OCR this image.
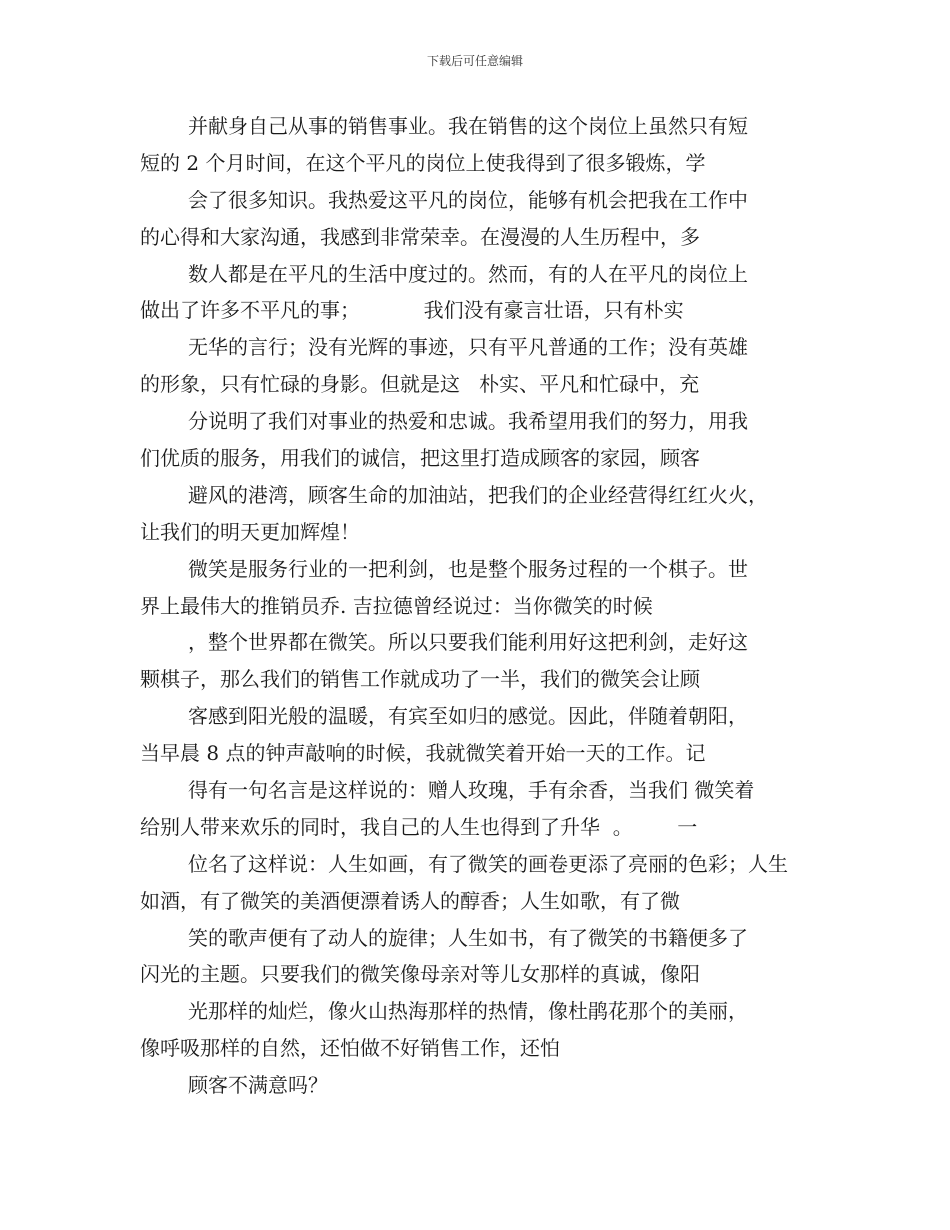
下载后可任意编辑
并献身自己从事的销售事业。我在销售的这个岗位上虽然只有短
短的 2 个月时间，在这个平凡的岗位上使我得到了很多锻炼，学
会了很多知识。我热爱这平凡的岗位，能够有机会把我在工作中
的心得和大家沟通，我感到非常荣幸。在漫漫的人生历程中，多
数人都是在平凡的生活中度过的。然而，有的人在平凡的岗位上
做出了许多不平凡的事；          我们没有豪言壮语，只有朴实
无华的言行；没有光辉的事迹，只有平凡普通的工作；没有英雄
的形象，只有忙碌的身影。但就是这   朴实、平凡和忙碌中，充
分说明了我们对事业的热爱和忠诚。我希望用我们的努力，用我
们优质的服务，用我们的诚信，把这里打造成顾客的家园，顾客
避风的港湾，顾客生命的加油站，把我们的企业经营得红红火火，
让我们的明天更加辉煌！
微笑是服务行业的一把利剑，也是整个服务过程的一个棋子。世
界上最伟大的推销员乔. 吉拉德曾经说过：当你微笑的时候
，整个世界都在微笑。所以只要我们能利用好这把利剑，走好这
颗棋子，那么我们的销售工作就成功了一半，我们的微笑会让顾
客感到阳光般的温暖，有宾至如归的感觉。因此，伴随着朝阳，
当早晨 8 点的钟声敲响的时候，我就微笑着开始一天的工作。记
得有一句名言是这样说的：赠人玫瑰，手有余香，当我们 微笑着
给别人带来欢乐的同时，我自己的人生也得到了升华  。       一
位名了这样说：人生如画，有了微笑的画卷更添了亮丽的色彩；人生
如酒，有了微笑的美酒便漂着诱人的醇香；人生如歌，有了微
笑的歌声便有了动人的旋律；人生如书，有了微笑的书籍便多了
闪光的主题。只要我们的微笑像母亲对等儿女那样的真诚，像阳
光那样的灿烂，像火山热海那样的热情，像杜鹃花那个的美丽，
像呼吸那样的自然，还怕做不好销售工作，还怕
顾客不满意吗？
